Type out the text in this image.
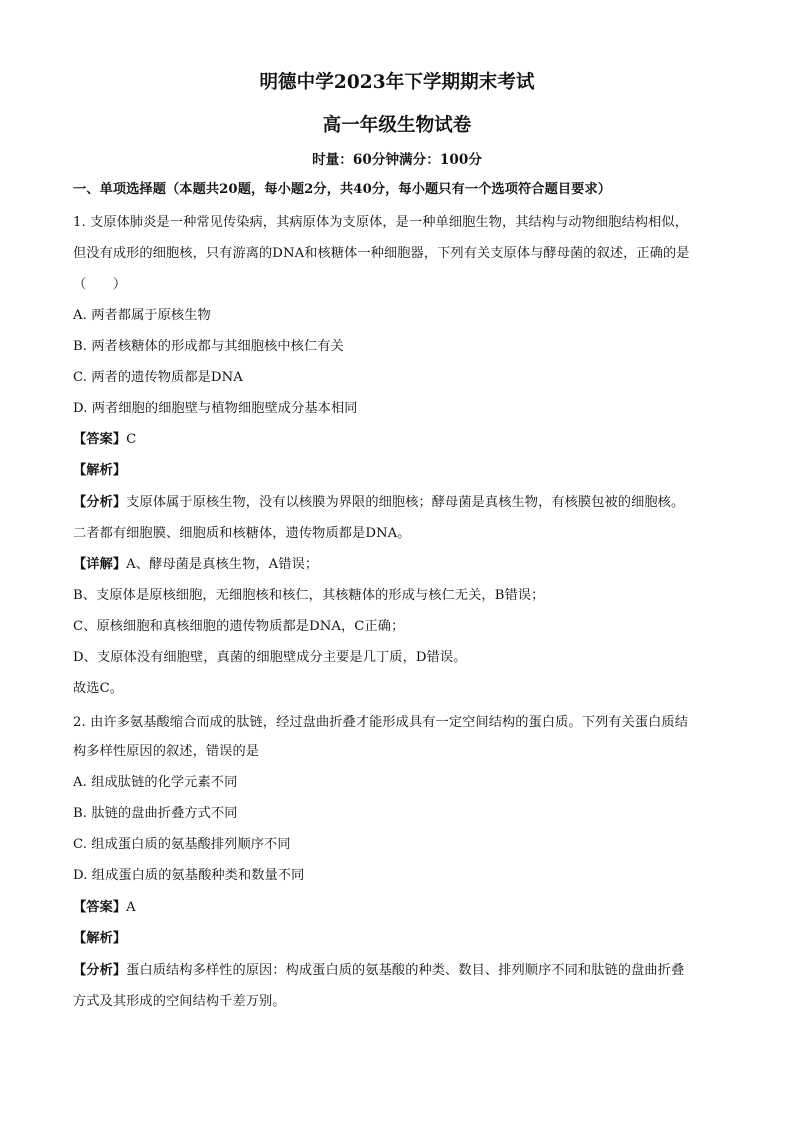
明德中学2023年下学期期末考试
高一年级生物试卷
时量：60分钟满分：100分
一、单项选择题（本题共20题，每小题2分，共40分，每小题只有一个选项符合题目要求）
1. 支原体肺炎是一种常见传染病，其病原体为支原体，是一种单细胞生物，其结构与动物细胞结构相似，
但没有成形的细胞核，只有游离的DNA和核糖体一种细胞器，下列有关支原体与酵母菌的叙述，正确的是
（　　）
A. 两者都属于原核生物
B. 两者核糖体的形成都与其细胞核中核仁有关
C. 两者的遗传物质都是DNA
D. 两者细胞的细胞壁与植物细胞壁成分基本相同
【答案】C
【解析】
【分析】支原体属于原核生物，没有以核膜为界限的细胞核；酵母菌是真核生物，有核膜包被的细胞核。
二者都有细胞膜、细胞质和核糖体，遗传物质都是DNA。
【详解】A、酵母菌是真核生物，A错误；
B、支原体是原核细胞，无细胞核和核仁，其核糖体的形成与核仁无关，B错误；
C、原核细胞和真核细胞的遗传物质都是DNA，C正确；
D、支原体没有细胞壁，真菌的细胞壁成分主要是几丁质，D错误。
故选C。
2. 由许多氨基酸缩合而成的肽链，经过盘曲折叠才能形成具有一定空间结构的蛋白质。下列有关蛋白质结
构多样性原因的叙述，错误的是
A. 组成肽链的化学元素不同
B. 肽链的盘曲折叠方式不同
C. 组成蛋白质的氨基酸排列顺序不同
D. 组成蛋白质的氨基酸种类和数量不同
【答案】A
【解析】
【分析】蛋白质结构多样性的原因：构成蛋白质的氨基酸的种类、数目、排列顺序不同和肽链的盘曲折叠
方式及其形成的空间结构千差万别。
